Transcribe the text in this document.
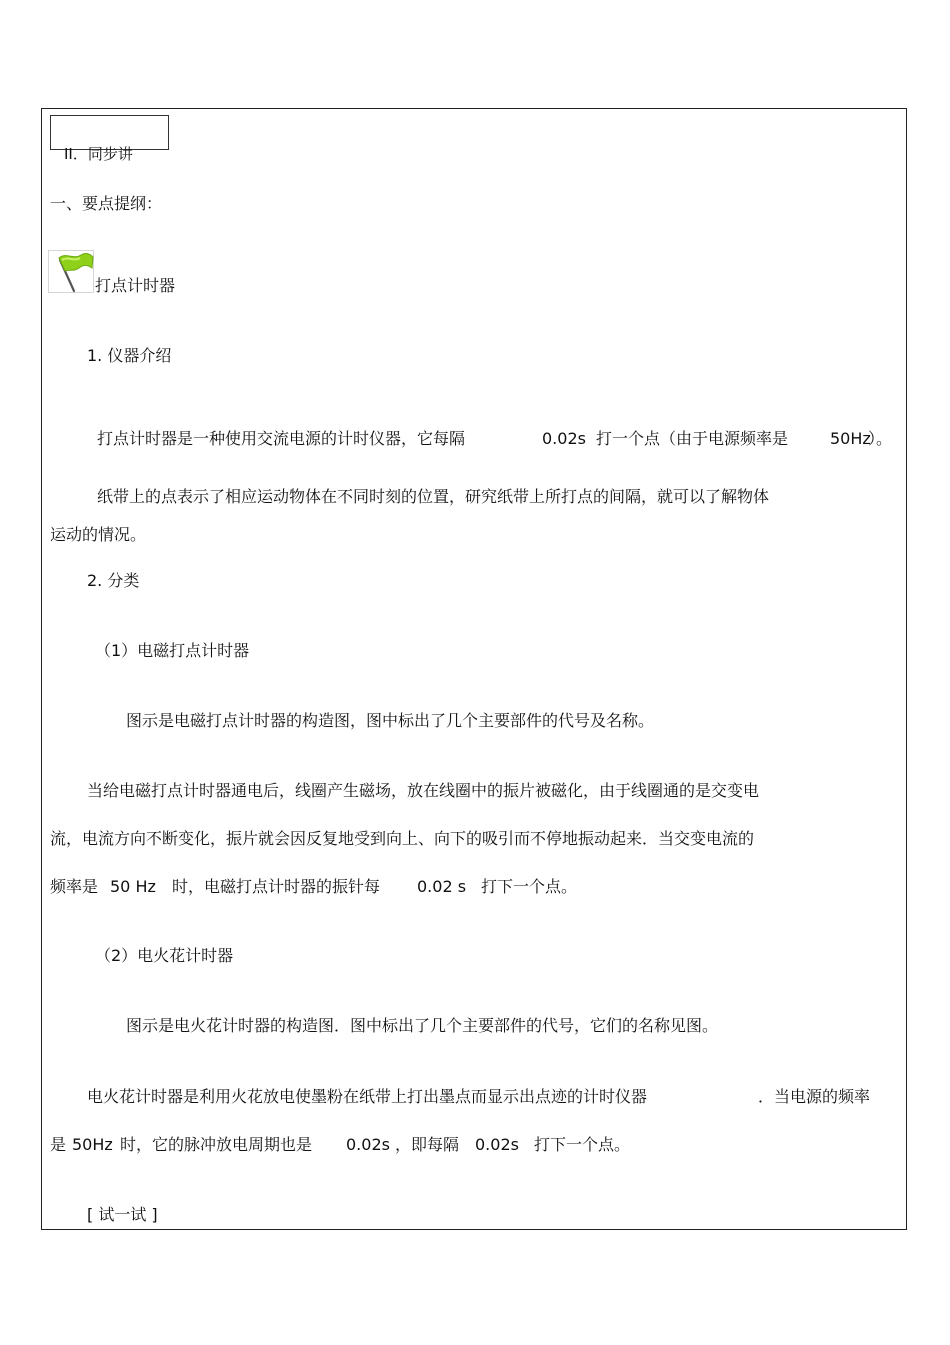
II．同步讲
一、要点提纲：
打点计时器
1. 仪器介绍
打点计时器是一种使用交流电源的计时仪器，它每隔	0.02s 打一个点（由于电源频率是	50Hz
）。
纸带上的点表示了相应运动物体在不同时刻的位置，研究纸带上所打点的间隔，就可以了解物体
运动的情况。
2. 分类
（1）电磁打点计时器
图示是电磁打点计时器的构造图，图中标出了几个主要部件的代号及名称。
当给电磁打点计时器通电后，线圈产生磁场，放在线圈中的振片被磁化，由于线圈通的是交变电
流，电流方向不断变化，振片就会因反复地受到向上、向下的吸引而不停地振动起来．当交变电流的
频率是 50 Hz 时，电磁打点计时器的振针每 0.02 s 打下一个点。
（2）电火花计时器
图示是电火花计时器的构造图．图中标出了几个主要部件的代号，它们的名称见图。
电火花计时器是利用火花放电使墨粉在纸带上打出墨点而显示出点迹的计时仪器	．当电源的频率
是 50Hz 时，它的脉冲放电周期也是 0.02s ，即每隔 0.02s 打下一个点。
[ 试一试 ]
